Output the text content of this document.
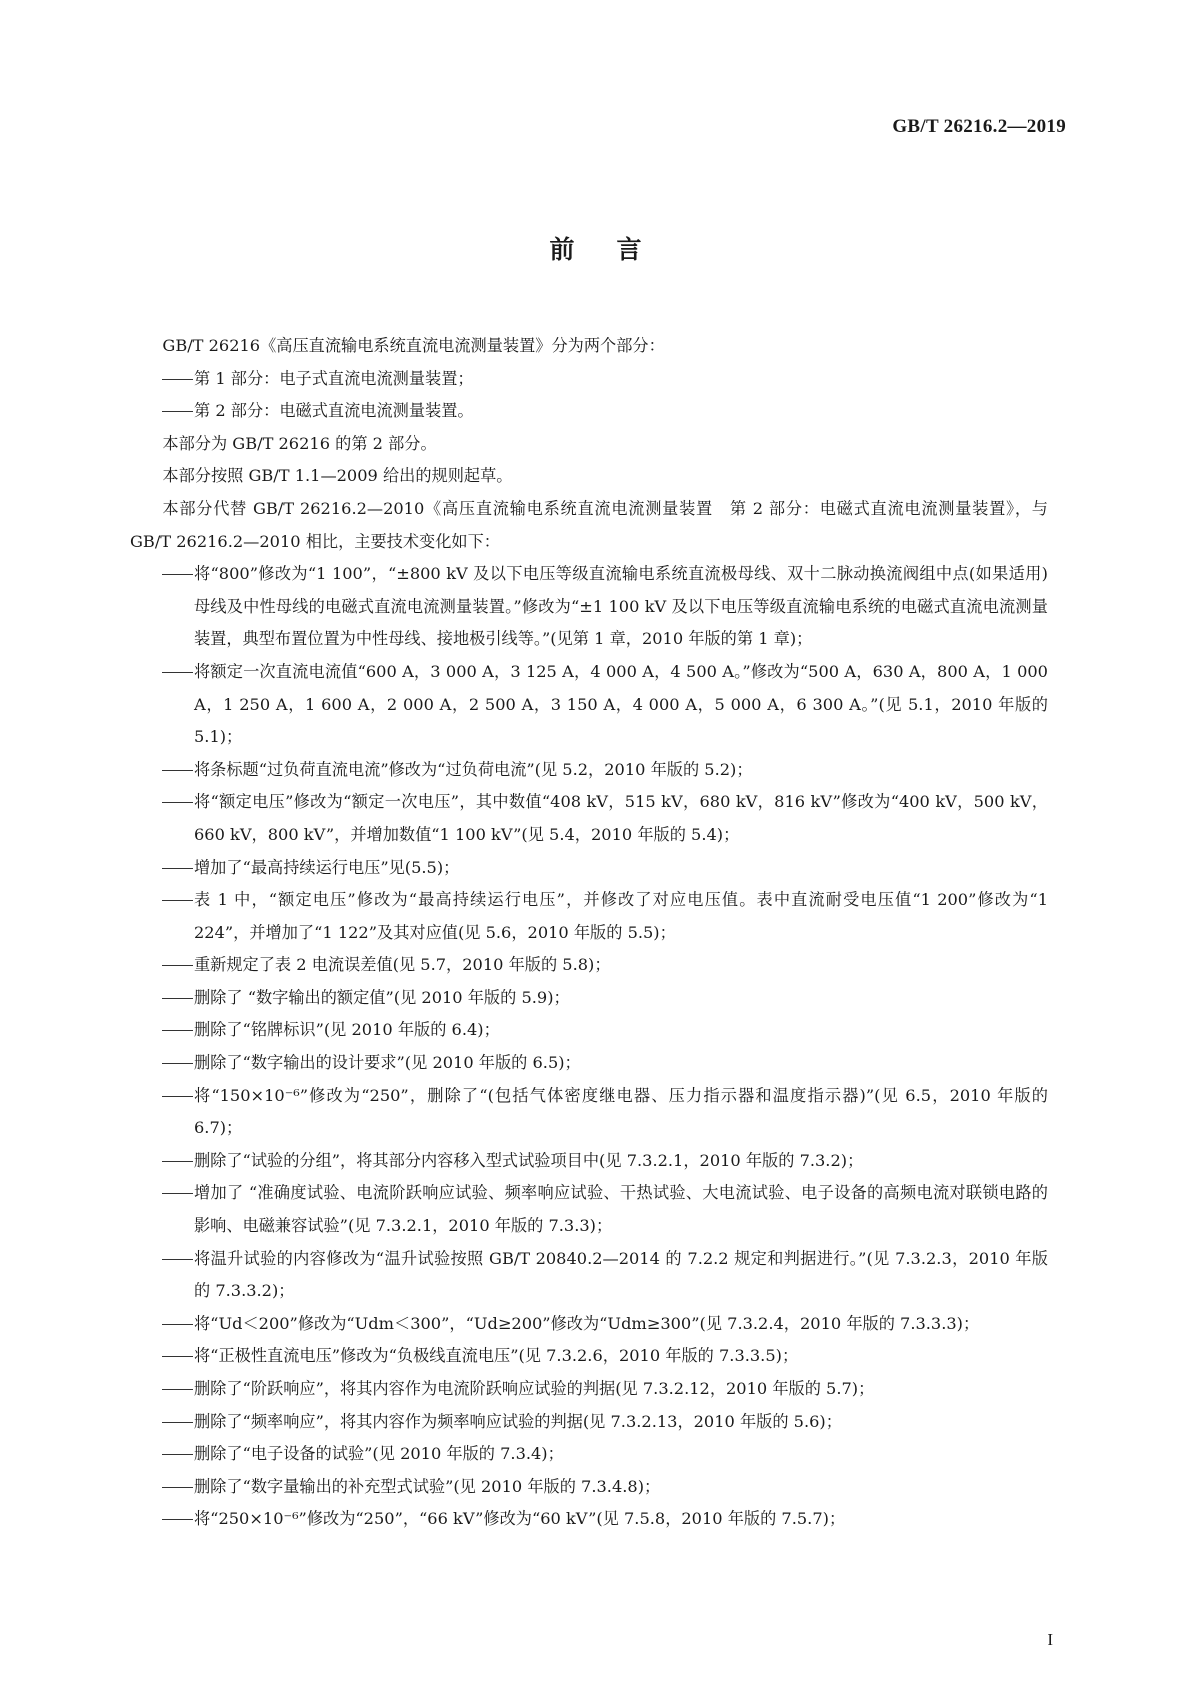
GB/T 26216.2—2019
前 言

GB/T 26216《高压直流输电系统直流电流测量装置》分为两个部分：

第 1 部分：电子式直流电流测量装置；

第 2 部分：电磁式直流电流测量装置。

本部分为 GB/T 26216 的第 2 部分。

本部分按照 GB/T 1.1—2009 给出的规则起草。

本部分代替 GB/T 26216.2—2010《高压直流输电系统直流电流测量装置　第 2 部分：电磁式直流电流测量装置》，与 GB/T 26216.2—2010 相比，主要技术变化如下：

将“800”修改为“1 100”，“±800 kV 及以下电压等级直流输电系统直流极母线、双十二脉动换流阀组中点(如果适用)母线及中性母线的电磁式直流电流测量装置。”修改为“±1 100 kV 及以下电压等级直流输电系统的电磁式直流电流测量装置，典型布置位置为中性母线、接地极引线等。”(见第 1 章，2010 年版的第 1 章)；

将额定一次直流电流值“600 A，3 000 A，3 125 A，4 000 A，4 500 A。”修改为“500 A，630 A，800 A，1 000 A，1 250 A，1 600 A，2 000 A，2 500 A，3 150 A，4 000 A，5 000 A，6 300 A。”(见 5.1，2010 年版的 5.1)；

将条标题“过负荷直流电流”修改为“过负荷电流”(见 5.2，2010 年版的 5.2)；

将“额定电压”修改为“额定一次电压”，其中数值“408 kV，515 kV，680 kV，816 kV”修改为“400 kV，500 kV，660 kV，800 kV”，并增加数值“1 100 kV”(见 5.4，2010 年版的 5.4)；

增加了“最高持续运行电压”见(5.5)；

表 1 中，“额定电压”修改为“最高持续运行电压”，并修改了对应电压值。表中直流耐受电压值“1 200”修改为“1 224”，并增加了“1 122”及其对应值(见 5.6，2010 年版的 5.5)；

重新规定了表 2 电流误差值(见 5.7，2010 年版的 5.8)；

删除了 “数字输出的额定值”(见 2010 年版的 5.9)；

删除了“铭牌标识”(见 2010 年版的 6.4)；

删除了“数字输出的设计要求”(见 2010 年版的 6.5)；

将“150×10⁻⁶”修改为“250”，删除了“(包括气体密度继电器、压力指示器和温度指示器)”(见 6.5，2010 年版的 6.7)；

删除了“试验的分组”，将其部分内容移入型式试验项目中(见 7.3.2.1，2010 年版的 7.3.2)；

增加了 “准确度试验、电流阶跃响应试验、频率响应试验、干热试验、大电流试验、电子设备的高频电流对联锁电路的影响、电磁兼容试验”(见 7.3.2.1，2010 年版的 7.3.3)；

将温升试验的内容修改为“温升试验按照 GB/T 20840.2—2014 的 7.2.2 规定和判据进行。”(见 7.3.2.3，2010 年版的 7.3.3.2)；

将“Ud＜200”修改为“Udm＜300”，“Ud≥200”修改为“Udm≥300”(见 7.3.2.4，2010 年版的 7.3.3.3)；

将“正极性直流电压”修改为“负极线直流电压”(见 7.3.2.6，2010 年版的 7.3.3.5)；

删除了“阶跃响应”，将其内容作为电流阶跃响应试验的判据(见 7.3.2.12，2010 年版的 5.7)；

删除了“频率响应”，将其内容作为频率响应试验的判据(见 7.3.2.13，2010 年版的 5.6)；

删除了“电子设备的试验”(见 2010 年版的 7.3.4)；

删除了“数字量输出的补充型式试验”(见 2010 年版的 7.3.4.8)；

将“250×10⁻⁶”修改为“250”，“66 kV”修改为“60 kV”(见 7.5.8，2010 年版的 7.5.7)；

I
